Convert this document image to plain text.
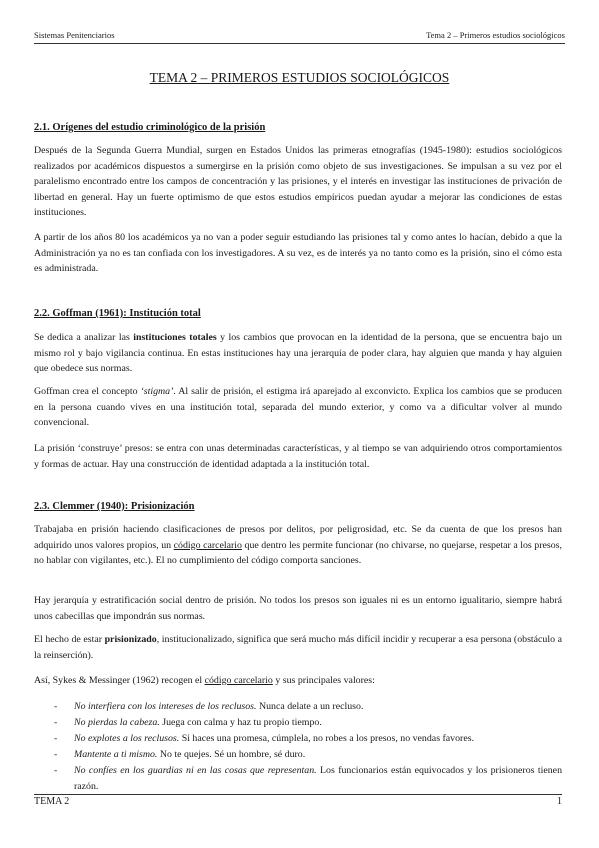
Sistemas Penitenciarios	Tema 2 – Primeros estudios sociológicos
TEMA 2 – PRIMEROS ESTUDIOS SOCIOLÓGICOS
2.1. Orígenes del estudio criminológico de la prisión

Después de la Segunda Guerra Mundial, surgen en Estados Unidos las primeras etnografías (1945-1980): estudios sociológicos realizados por académicos dispuestos a sumergirse en la prisión como objeto de sus investigaciones. Se impulsan a su vez por el paralelismo encontrado entre los campos de concentración y las prisiones, y el interés en investigar las instituciones de privación de libertad en general. Hay un fuerte optimismo de que estos estudios empíricos puedan ayudar a mejorar las condiciones de estas instituciones.

A partir de los años 80 los académicos ya no van a poder seguir estudiando las prisiones tal y como antes lo hacían, debido a que la Administración ya no es tan confiada con los investigadores. A su vez, es de interés ya no tanto como es la prisión, sino el cómo esta es administrada.

2.2. Goffman (1961): Institución total

Se dedica a analizar las instituciones totales y los cambios que provocan en la identidad de la persona, que se encuentra bajo un mismo rol y bajo vigilancia continua. En estas instituciones hay una jerarquía de poder clara, hay alguien que manda y hay alguien que obedece sus normas.

Goffman crea el concepto ‘stigma’. Al salir de prisión, el estigma irá aparejado al exconvicto. Explica los cambios que se producen en la persona cuando vives en una institución total, separada del mundo exterior, y como va a dificultar volver al mundo convencional.

La prisión ‘construye’ presos: se entra con unas determinadas características, y al tiempo se van adquiriendo otros comportamientos y formas de actuar. Hay una construcción de identidad adaptada a la institución total.

2.3. Clemmer (1940): Prisionización

Trabajaba en prisión haciendo clasificaciones de presos por delitos, por peligrosidad, etc. Se da cuenta de que los presos han adquirido unos valores propios, un código carcelario que dentro les permite funcionar (no chivarse, no quejarse, respetar a los presos, no hablar con vigilantes, etc.). El no cumplimiento del código comporta sanciones.

Hay jerarquía y estratificación social dentro de prisión. No todos los presos son iguales ni es un entorno igualitario, siempre habrá unos cabecillas que impondrán sus normas.

El hecho de estar prisionizado, institucionalizado, significa que será mucho más difícil incidir y recuperar a esa persona (obstáculo a la reinserción).

Así, Sykes & Messinger (1962) recogen el código carcelario y sus principales valores:

- No interfiera con los intereses de los reclusos. Nunca delate a un recluso.
- No pierdas la cabeza. Juega con calma y haz tu propio tiempo.
- No explotes a los reclusos. Si haces una promesa, cúmplela, no robes a los presos, no vendas favores.
- Mantente a ti mismo. No te quejes. Sé un hombre, sé duro.
- No confíes en los guardias ni en las cosas que representan. Los funcionarios están equivocados y los prisioneros tienen razón.
TEMA 2	1
